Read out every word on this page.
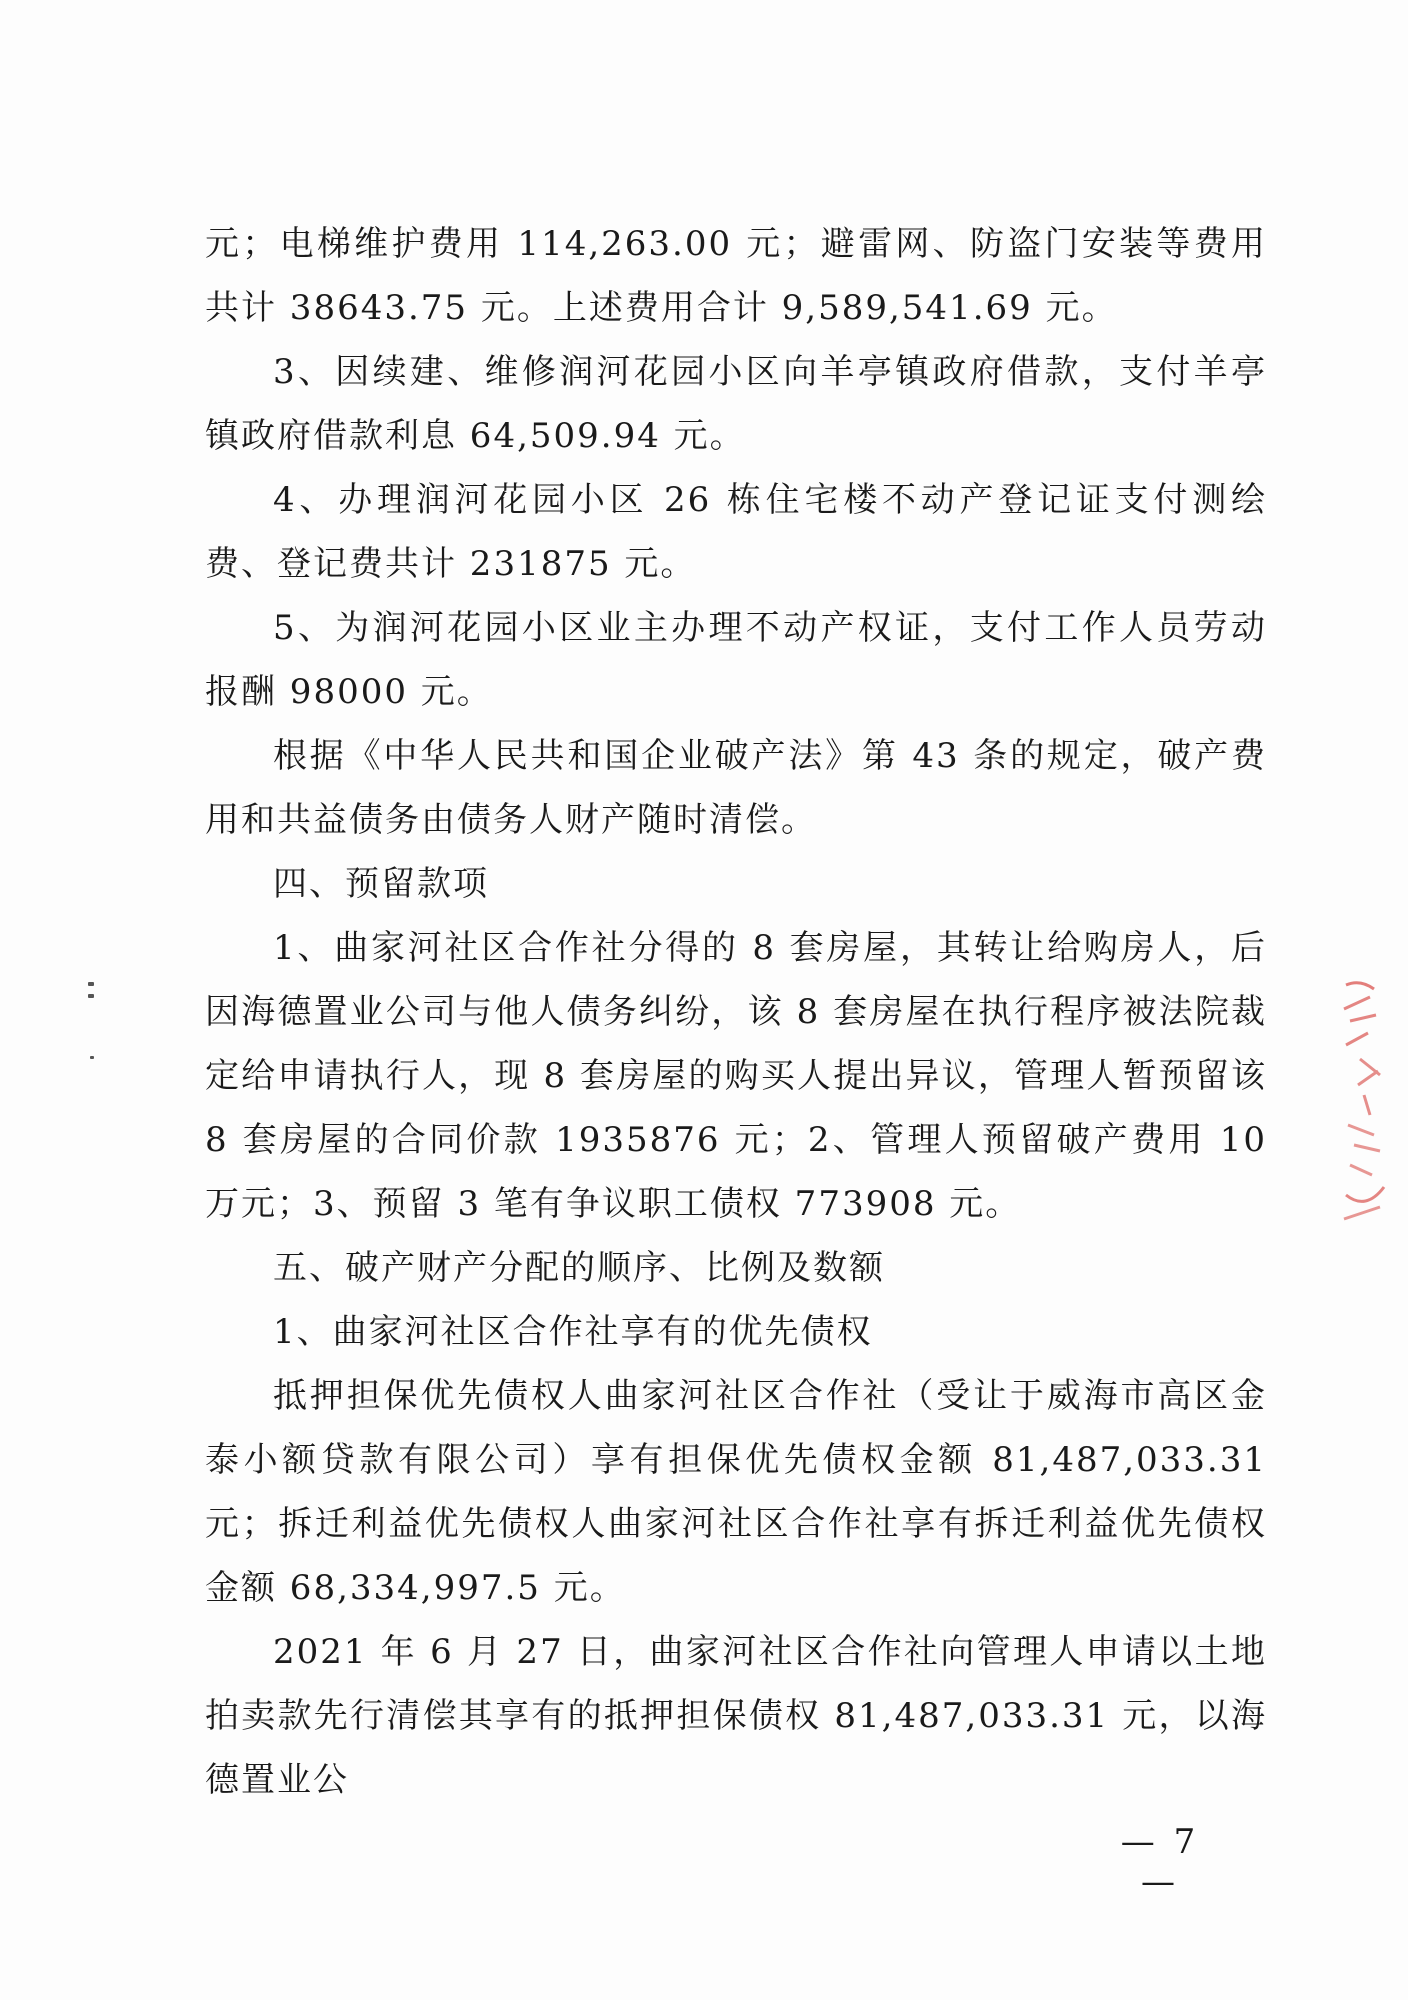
元；电梯维护费用 114,263.00 元；避雷网、防盗门安装等费用共计 38643.75 元。上述费用合计 9,589,541.69 元。

3、因续建、维修润河花园小区向羊亭镇政府借款，支付羊亭镇政府借款利息 64,509.94 元。

4、办理润河花园小区 26 栋住宅楼不动产登记证支付测绘费、登记费共计 231875 元。

5、为润河花园小区业主办理不动产权证，支付工作人员劳动报酬 98000 元。

根据《中华人民共和国企业破产法》第 43 条的规定，破产费用和共益债务由债务人财产随时清偿。

四、预留款项

1、曲家河社区合作社分得的 8 套房屋，其转让给购房人，后因海德置业公司与他人债务纠纷，该 8 套房屋在执行程序被法院裁定给申请执行人，现 8 套房屋的购买人提出异议，管理人暂预留该 8 套房屋的合同价款 1935876 元；2、管理人预留破产费用 10 万元；3、预留 3 笔有争议职工债权 773908 元。

五、破产财产分配的顺序、比例及数额

1、曲家河社区合作社享有的优先债权

抵押担保优先债权人曲家河社区合作社（受让于威海市高区金泰小额贷款有限公司）享有担保优先债权金额 81,487,033.31 元；拆迁利益优先债权人曲家河社区合作社享有拆迁利益优先债权金额 68,334,997.5 元。

2021 年 6 月 27 日，曲家河社区合作社向管理人申请以土地拍卖款先行清偿其享有的抵押担保债权 81,487,033.31 元，以海德置业公

— 7 —
